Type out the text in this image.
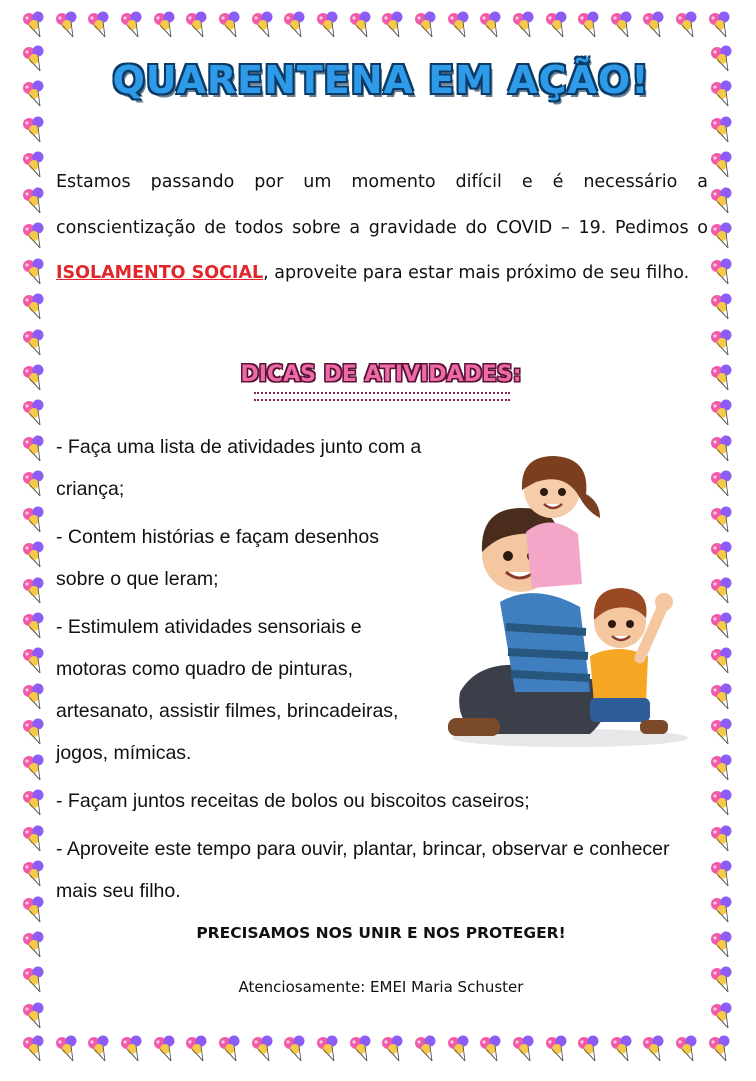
QUARENTENA EM AÇÃO!
Estamos passando por um momento difícil e é necessário a conscientização de todos sobre a gravidade do COVID – 19. Pedimos o ISOLAMENTO SOCIAL, aproveite para estar mais próximo de seu filho.
DICAS DE ATIVIDADES:

- Faça uma lista de atividades junto com a criança;

- Contem histórias e façam desenhos sobre o que leram;

- Estimulem atividades sensoriais e motoras como quadro de pinturas, artesanato, assistir filmes, brincadeiras, jogos, mímicas.

- Façam juntos receitas de bolos ou biscoitos caseiros;

- Aproveite este tempo para ouvir, plantar, brincar, observar e conhecer mais seu filho.

PRECISAMOS NOS UNIR E NOS PROTEGER!
Atenciosamente: EMEI Maria Schuster
